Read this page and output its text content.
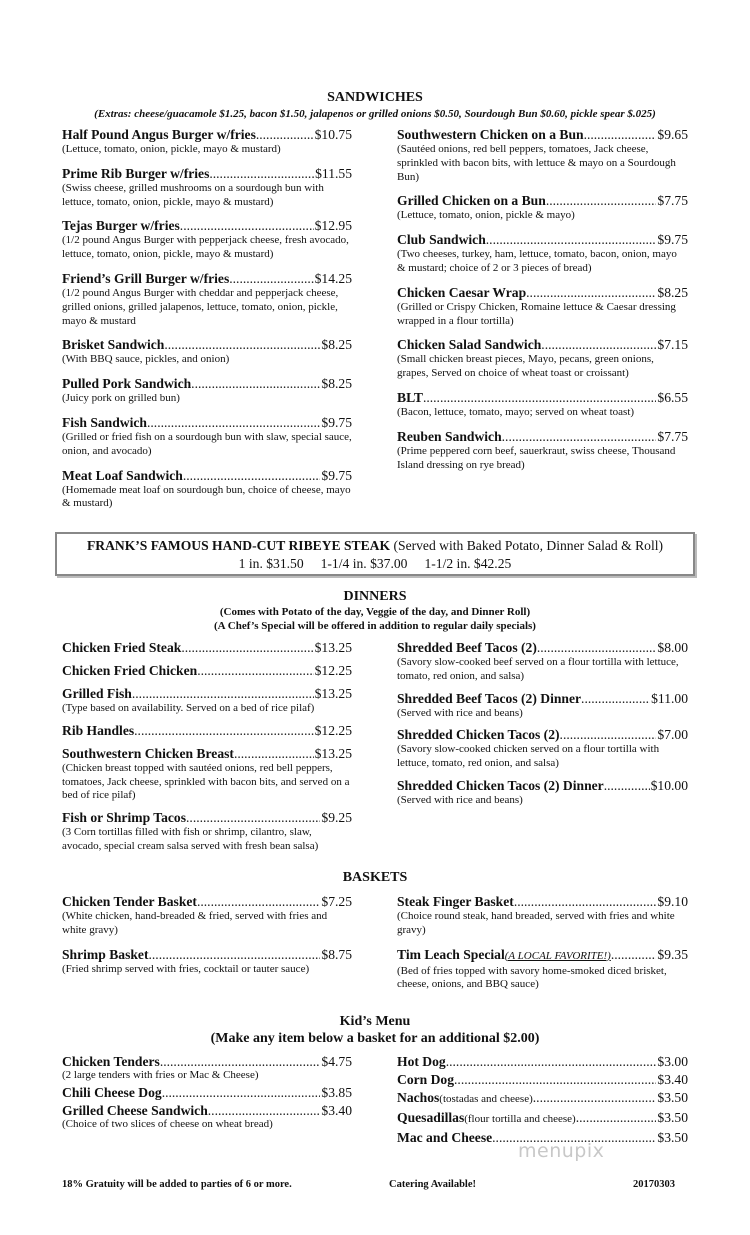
SANDWICHES
(Extras: cheese/guacamole $1.25, bacon $1.50, jalapenos or grilled onions $0.50, Sourdough Bun $0.60, pickle spear $.025)
Half Pound Angus Burger w/fries .....	$10.75
(Lettuce, tomato, onion, pickle, mayo & mustard)
Prime Rib Burger w/fries .....	$11.55
(Swiss cheese, grilled mushrooms on a sourdough bun with lettuce, tomato, onion, pickle, mayo & mustard)
Tejas Burger w/fries .....	$12.95
(1/2 pound Angus Burger with pepperjack cheese, fresh avocado, lettuce, tomato, onion, pickle, mayo & mustard)
Friend’s Grill Burger w/fries .....	$14.25
(1/2 pound Angus Burger with cheddar and pepperjack cheese, grilled onions, grilled jalapenos, lettuce, tomato, onion, pickle, mayo & mustard
Brisket Sandwich .....	$8.25
(With BBQ sauce, pickles, and onion)
Pulled Pork Sandwich .....	$8.25
(Juicy pork on grilled bun)
Fish Sandwich .....	$9.75
(Grilled or fried fish on a sourdough bun with slaw, special sauce, onion, and avocado)
Meat Loaf Sandwich .....	$9.75
(Homemade meat loaf on sourdough bun, choice of cheese, mayo & mustard)
Southwestern Chicken on a Bun .....	$9.65
(Sautéed onions, red bell peppers, tomatoes, Jack cheese, sprinkled with bacon bits, with lettuce & mayo on a Sourdough Bun)
Grilled Chicken on a Bun .....	$7.75
(Lettuce, tomato, onion, pickle & mayo)
Club Sandwich .....	$9.75
(Two cheeses, turkey, ham, lettuce, tomato, bacon, onion, mayo & mustard; choice of 2 or 3 pieces of bread)
Chicken Caesar Wrap .....	$8.25
(Grilled or Crispy Chicken, Romaine lettuce & Caesar dressing wrapped in a flour tortilla)
Chicken Salad Sandwich .....	$7.15
(Small chicken breast pieces, Mayo, pecans, green onions, grapes, Served on choice of wheat toast or croissant)
BLT .....	$6.55
(Bacon, lettuce, tomato, mayo; served on wheat toast)
Reuben Sandwich .....	$7.75
(Prime peppered corn beef, sauerkraut, swiss cheese, Thousand Island dressing on rye bread)
FRANK’S FAMOUS HAND-CUT RIBEYE STEAK (Served with Baked Potato, Dinner Salad & Roll)
1 in. $31.50     1-1/4 in. $37.00     1-1/2 in. $42.25
DINNERS
(Comes with Potato of the day, Veggie of the day, and Dinner Roll)
(A Chef’s Special will be offered in addition to regular daily specials)
Chicken Fried Steak .....	$13.25
Chicken Fried Chicken .....	$12.25
Grilled Fish .....	$13.25
(Type based on availability. Served on a bed of rice pilaf)
Rib Handles .....	$12.25
Southwestern Chicken Breast .....	$13.25
(Chicken breast topped with sautéed onions, red bell peppers, tomatoes, Jack cheese, sprinkled with bacon bits, and served on a bed of rice pilaf)
Fish or Shrimp Tacos .....	$9.25
(3 Corn tortillas filled with fish or shrimp, cilantro, slaw, avocado, special cream salsa served with fresh bean salsa)
Shredded Beef Tacos (2) .....	$8.00
(Savory slow-cooked beef served on a flour tortilla with lettuce, tomato, red onion, and salsa)
Shredded Beef Tacos (2) Dinner .....	$11.00
(Served with rice and beans)
Shredded Chicken Tacos (2) .....	$7.00
(Savory slow-cooked chicken served on a flour tortilla with lettuce, tomato, red onion, and salsa)
Shredded Chicken Tacos (2) Dinner .....	$10.00
(Served with rice and beans)
BASKETS
Chicken Tender Basket .....	$7.25
(White chicken, hand-breaded & fried, served with fries and white gravy)
Shrimp Basket .....	$8.75
(Fried shrimp served with fries, cocktail or tauter sauce)
Steak Finger Basket .....	$9.10
(Choice round steak, hand breaded, served with fries and white gravy)
Tim Leach Special (A LOCAL FAVORITE!) .....	$9.35
(Bed of fries topped with savory home-smoked diced brisket, cheese, onions, and BBQ sauce)
Kid’s Menu
(Make any item below a basket for an additional $2.00)
Chicken Tenders .....	$4.75
(2 large tenders with fries or Mac & Cheese)
Chili Cheese Dog .....	$3.85
Grilled Cheese Sandwich .....	$3.40
(Choice of two slices of cheese on wheat bread)
Hot Dog .....	$3.00
Corn Dog .....	$3.40
Nachos (tostadas and cheese) .....	$3.50
Quesadillas (flour tortilla and cheese) .....	$3.50
Mac and Cheese .....	$3.50
menupix
18% Gratuity will be added to parties of 6 or more.	Catering Available!	20170303
